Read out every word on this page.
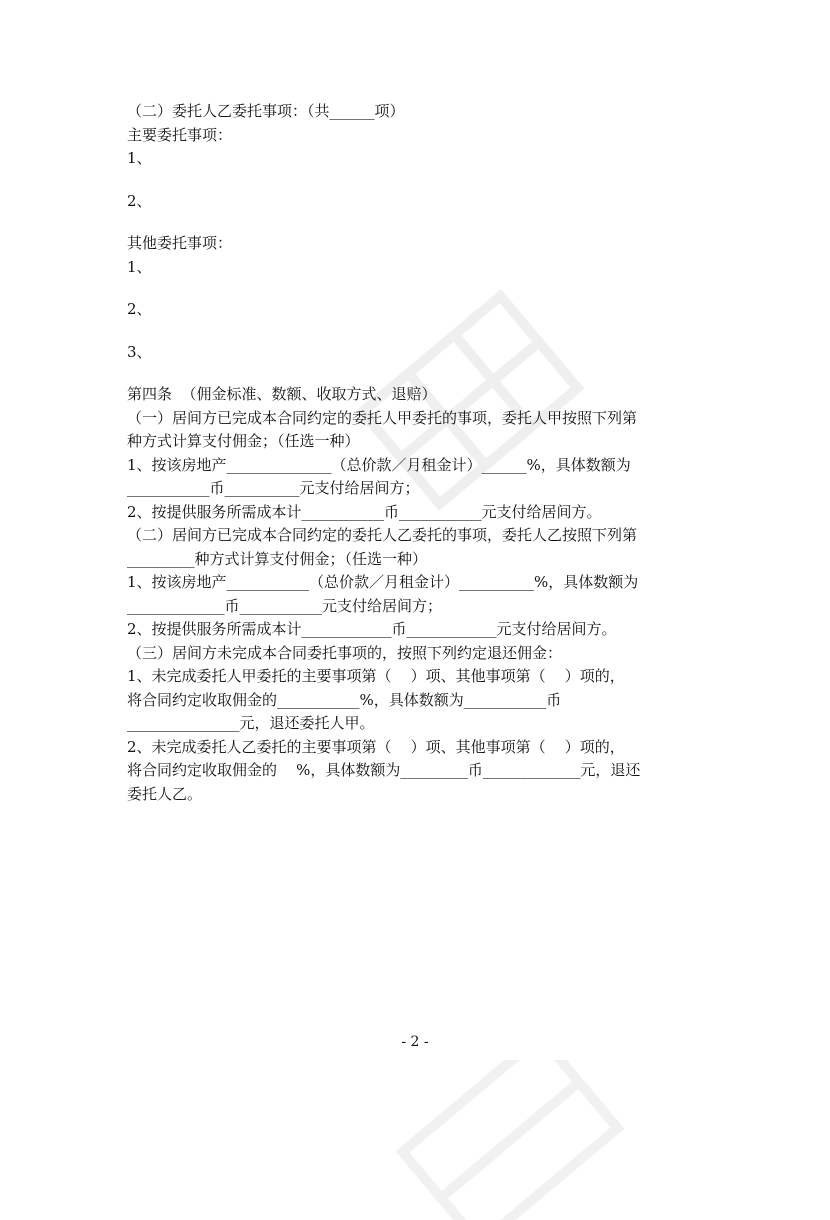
（二）委托人乙委托事项：（共______项）
主要委托事项：
1、
2、
其他委托事项：
1、
2、
3、
第四条  （佣金标准、数额、收取方式、退赔）
（一）居间方已完成本合同约定的委托人甲委托的事项，委托人甲按照下列第
种方式计算支付佣金；（任选一种）
1、按该房地产______________（总价款／月租金计）______%，具体数额为
___________币__________元支付给居间方；
2、按提供服务所需成本计___________币___________元支付给居间方。
（二）居间方已完成本合同约定的委托人乙委托的事项，委托人乙按照下列第
_________种方式计算支付佣金；（任选一种）
1、按该房地产___________（总价款／月租金计）__________%，具体数额为
_____________币___________元支付给居间方；
2、按提供服务所需成本计____________币____________元支付给居间方。
（三）居间方未完成本合同委托事项的，按照下列约定退还佣金：
1、未完成委托人甲委托的主要事项第（    ）项、其他事项第（    ）项的，
将合同约定收取佣金的___________%，具体数额为___________币
_______________元，退还委托人甲。
2、未完成委托人乙委托的主要事项第（    ）项、其他事项第（    ）项的，
将合同约定收取佣金的    %，具体数额为_________币_____________元，退还
委托人乙。
- 2 -
